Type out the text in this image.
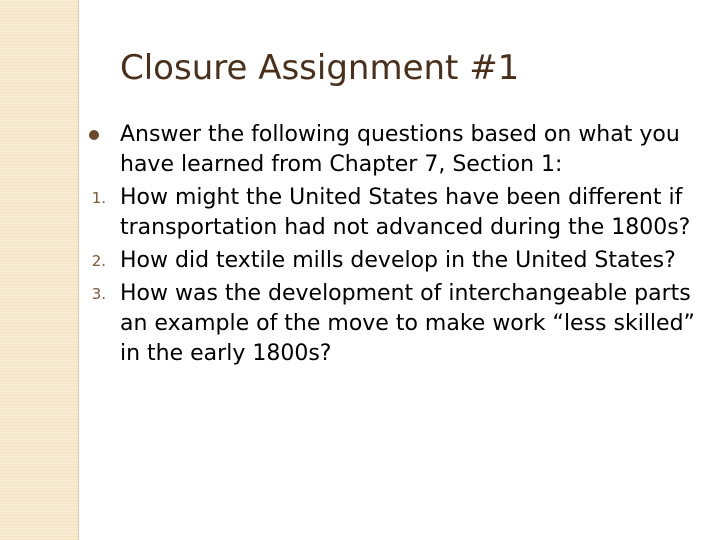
Closure Assignment #1
Answer the following questions based on what you
have learned from Chapter 7, Section 1:
1. How might the United States have been different if
transportation had not advanced during the 1800s?
2. How did textile mills develop in the United States?
3. How was the development of interchangeable parts
an example of the move to make work “less skilled”
in the early 1800s?
